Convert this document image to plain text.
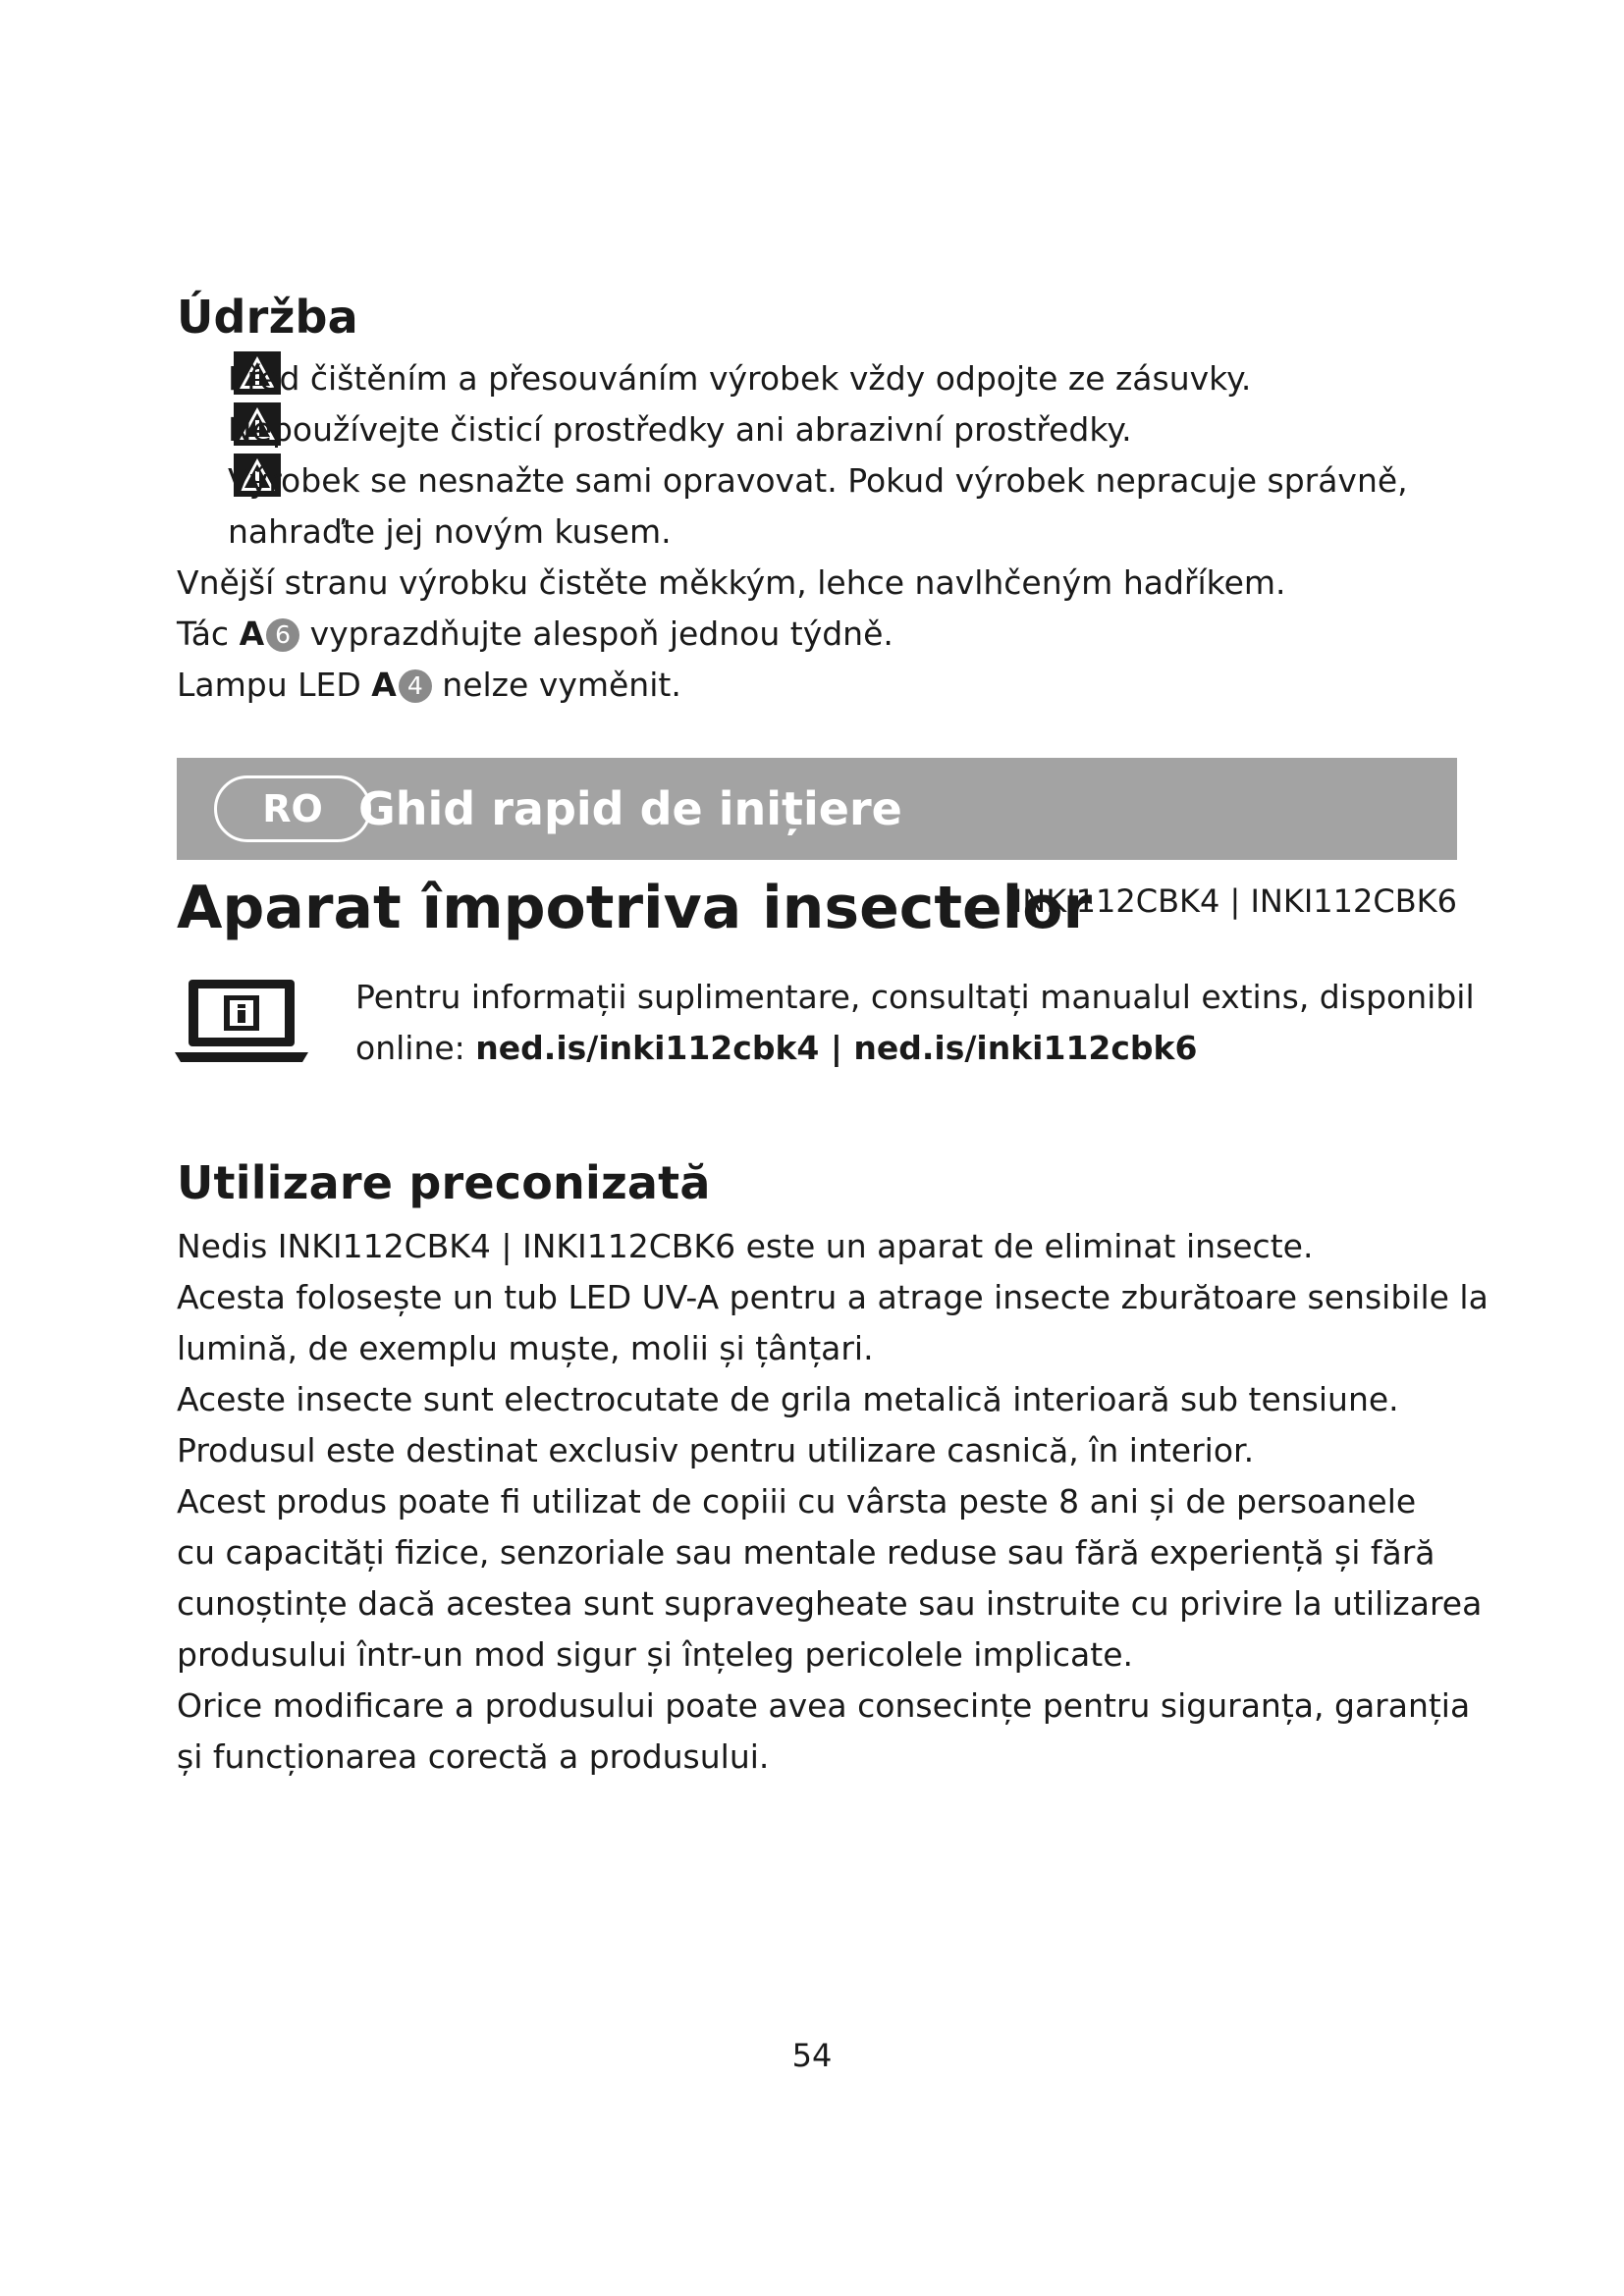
Údržba
Před čištěním a přesouváním výrobek vždy odpojte ze zásuvky.
Nepoužívejte čisticí prostředky ani abrazivní prostředky.
Výrobek se nesnažte sami opravovat. Pokud výrobek nepracuje správně,
nahraďte jej novým kusem.
Vnější stranu výrobku čistěte měkkým, lehce navlhčeným hadříkem.
Tác A 6 vyprazdňujte alespoň jednou týdně.
Lampu LED A 4 nelze vyměnit.
RO Ghid rapid de inițiere
Aparat împotriva insectelor
INKI112CBK4 | INKI112CBK6
Pentru informații suplimentare, consultați manualul extins, disponibil
online: ned.is/inki112cbk4 | ned.is/inki112cbk6
Utilizare preconizată
Nedis INKI112CBK4 | INKI112CBK6 este un aparat de eliminat insecte.
Acesta folosește un tub LED UV-A pentru a atrage insecte zburătoare sensibile la
lumină, de exemplu muște, molii și țânțari.
Aceste insecte sunt electrocutate de grila metalică interioară sub tensiune.
Produsul este destinat exclusiv pentru utilizare casnică, în interior.
Acest produs poate fi utilizat de copiii cu vârsta peste 8 ani și de persoanele
cu capacități fizice, senzoriale sau mentale reduse sau fără experiență și fără
cunoștințe dacă acestea sunt supravegheate sau instruite cu privire la utilizarea
produsului într-un mod sigur și înțeleg pericolele implicate.
Orice modificare a produsului poate avea consecințe pentru siguranța, garanția
și funcționarea corectă a produsului.
54
